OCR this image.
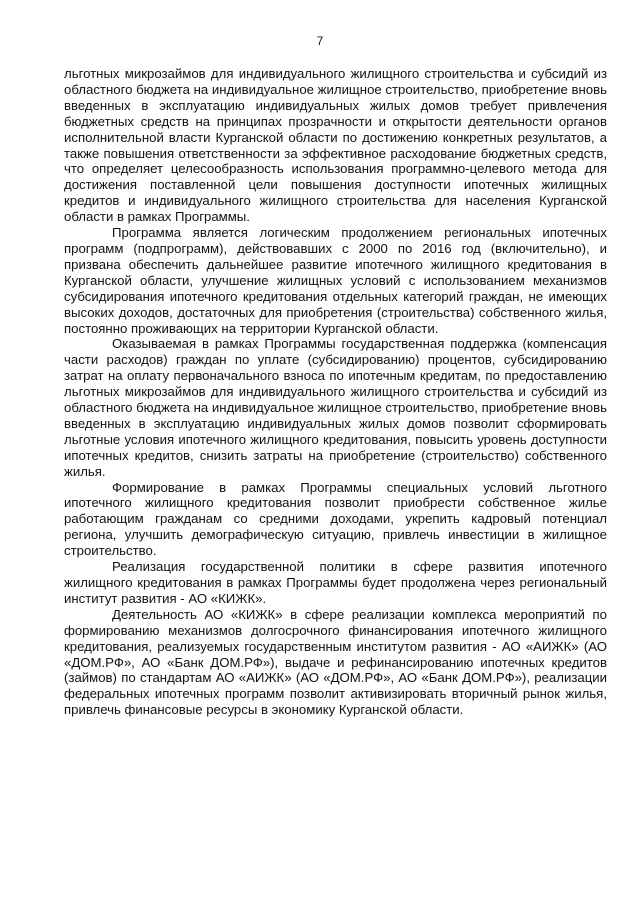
7

льготных микрозаймов для индивидуального жилищного строительства и субсидий из областного бюджета на индивидуальное жилищное строительство, приобретение вновь введенных в эксплуатацию индивидуальных жилых домов требует привлечения бюджетных средств на принципах прозрачности и открытости деятельности органов исполнительной власти Курганской области по достижению конкретных результатов, а также повышения ответственности за эффективное расходование бюджетных средств, что определяет целесообразность использования программно-целевого метода для достижения поставленной цели повышения доступности ипотечных жилищных кредитов и индивидуального жилищного строительства для населения Курганской области в рамках Программы.

Программа является логическим продолжением региональных ипотечных программ (подпрограмм), действовавших с 2000 по 2016 год (включительно), и призвана обеспечить дальнейшее развитие ипотечного жилищного кредитования в Курганской области, улучшение жилищных условий с использованием механизмов субсидирования ипотечного кредитования отдельных категорий граждан, не имеющих высоких доходов, достаточных для приобретения (строительства) собственного жилья, постоянно проживающих на территории Курганской области.

Оказываемая в рамках Программы государственная поддержка (компенсация части расходов) граждан по уплате (субсидированию) процентов, субсидированию затрат на оплату первоначального взноса по ипотечным кредитам, по предоставлению льготных микрозаймов для индивидуального жилищного строительства и субсидий из областного бюджета на индивидуальное жилищное строительство, приобретение вновь введенных в эксплуатацию индивидуальных жилых домов позволит сформировать льготные условия ипотечного жилищного кредитования, повысить уровень доступности ипотечных кредитов, снизить затраты на приобретение (строительство) собственного жилья.

Формирование в рамках Программы специальных условий льготного ипотечного жилищного кредитования позволит приобрести собственное жилье работающим гражданам со средними доходами, укрепить кадровый потенциал региона, улучшить демографическую ситуацию, привлечь инвестиции в жилищное строительство.

Реализация государственной политики в сфере развития ипотечного жилищного кредитования в рамках Программы будет продолжена через региональный институт развития - АО «КИЖК».

Деятельность АО «КИЖК» в сфере реализации комплекса мероприятий по формированию механизмов долгосрочного финансирования ипотечного жилищного кредитования, реализуемых государственным институтом развития - АО «АИЖК» (АО «ДОМ.РФ», АО «Банк ДОМ.РФ»), выдаче и рефинансированию ипотечных кредитов (займов) по стандартам АО «АИЖК» (АО «ДОМ.РФ», АО «Банк ДОМ.РФ»), реализации федеральных ипотечных программ позволит активизировать вторичный рынок жилья, привлечь финансовые ресурсы в экономику Курганской области.
